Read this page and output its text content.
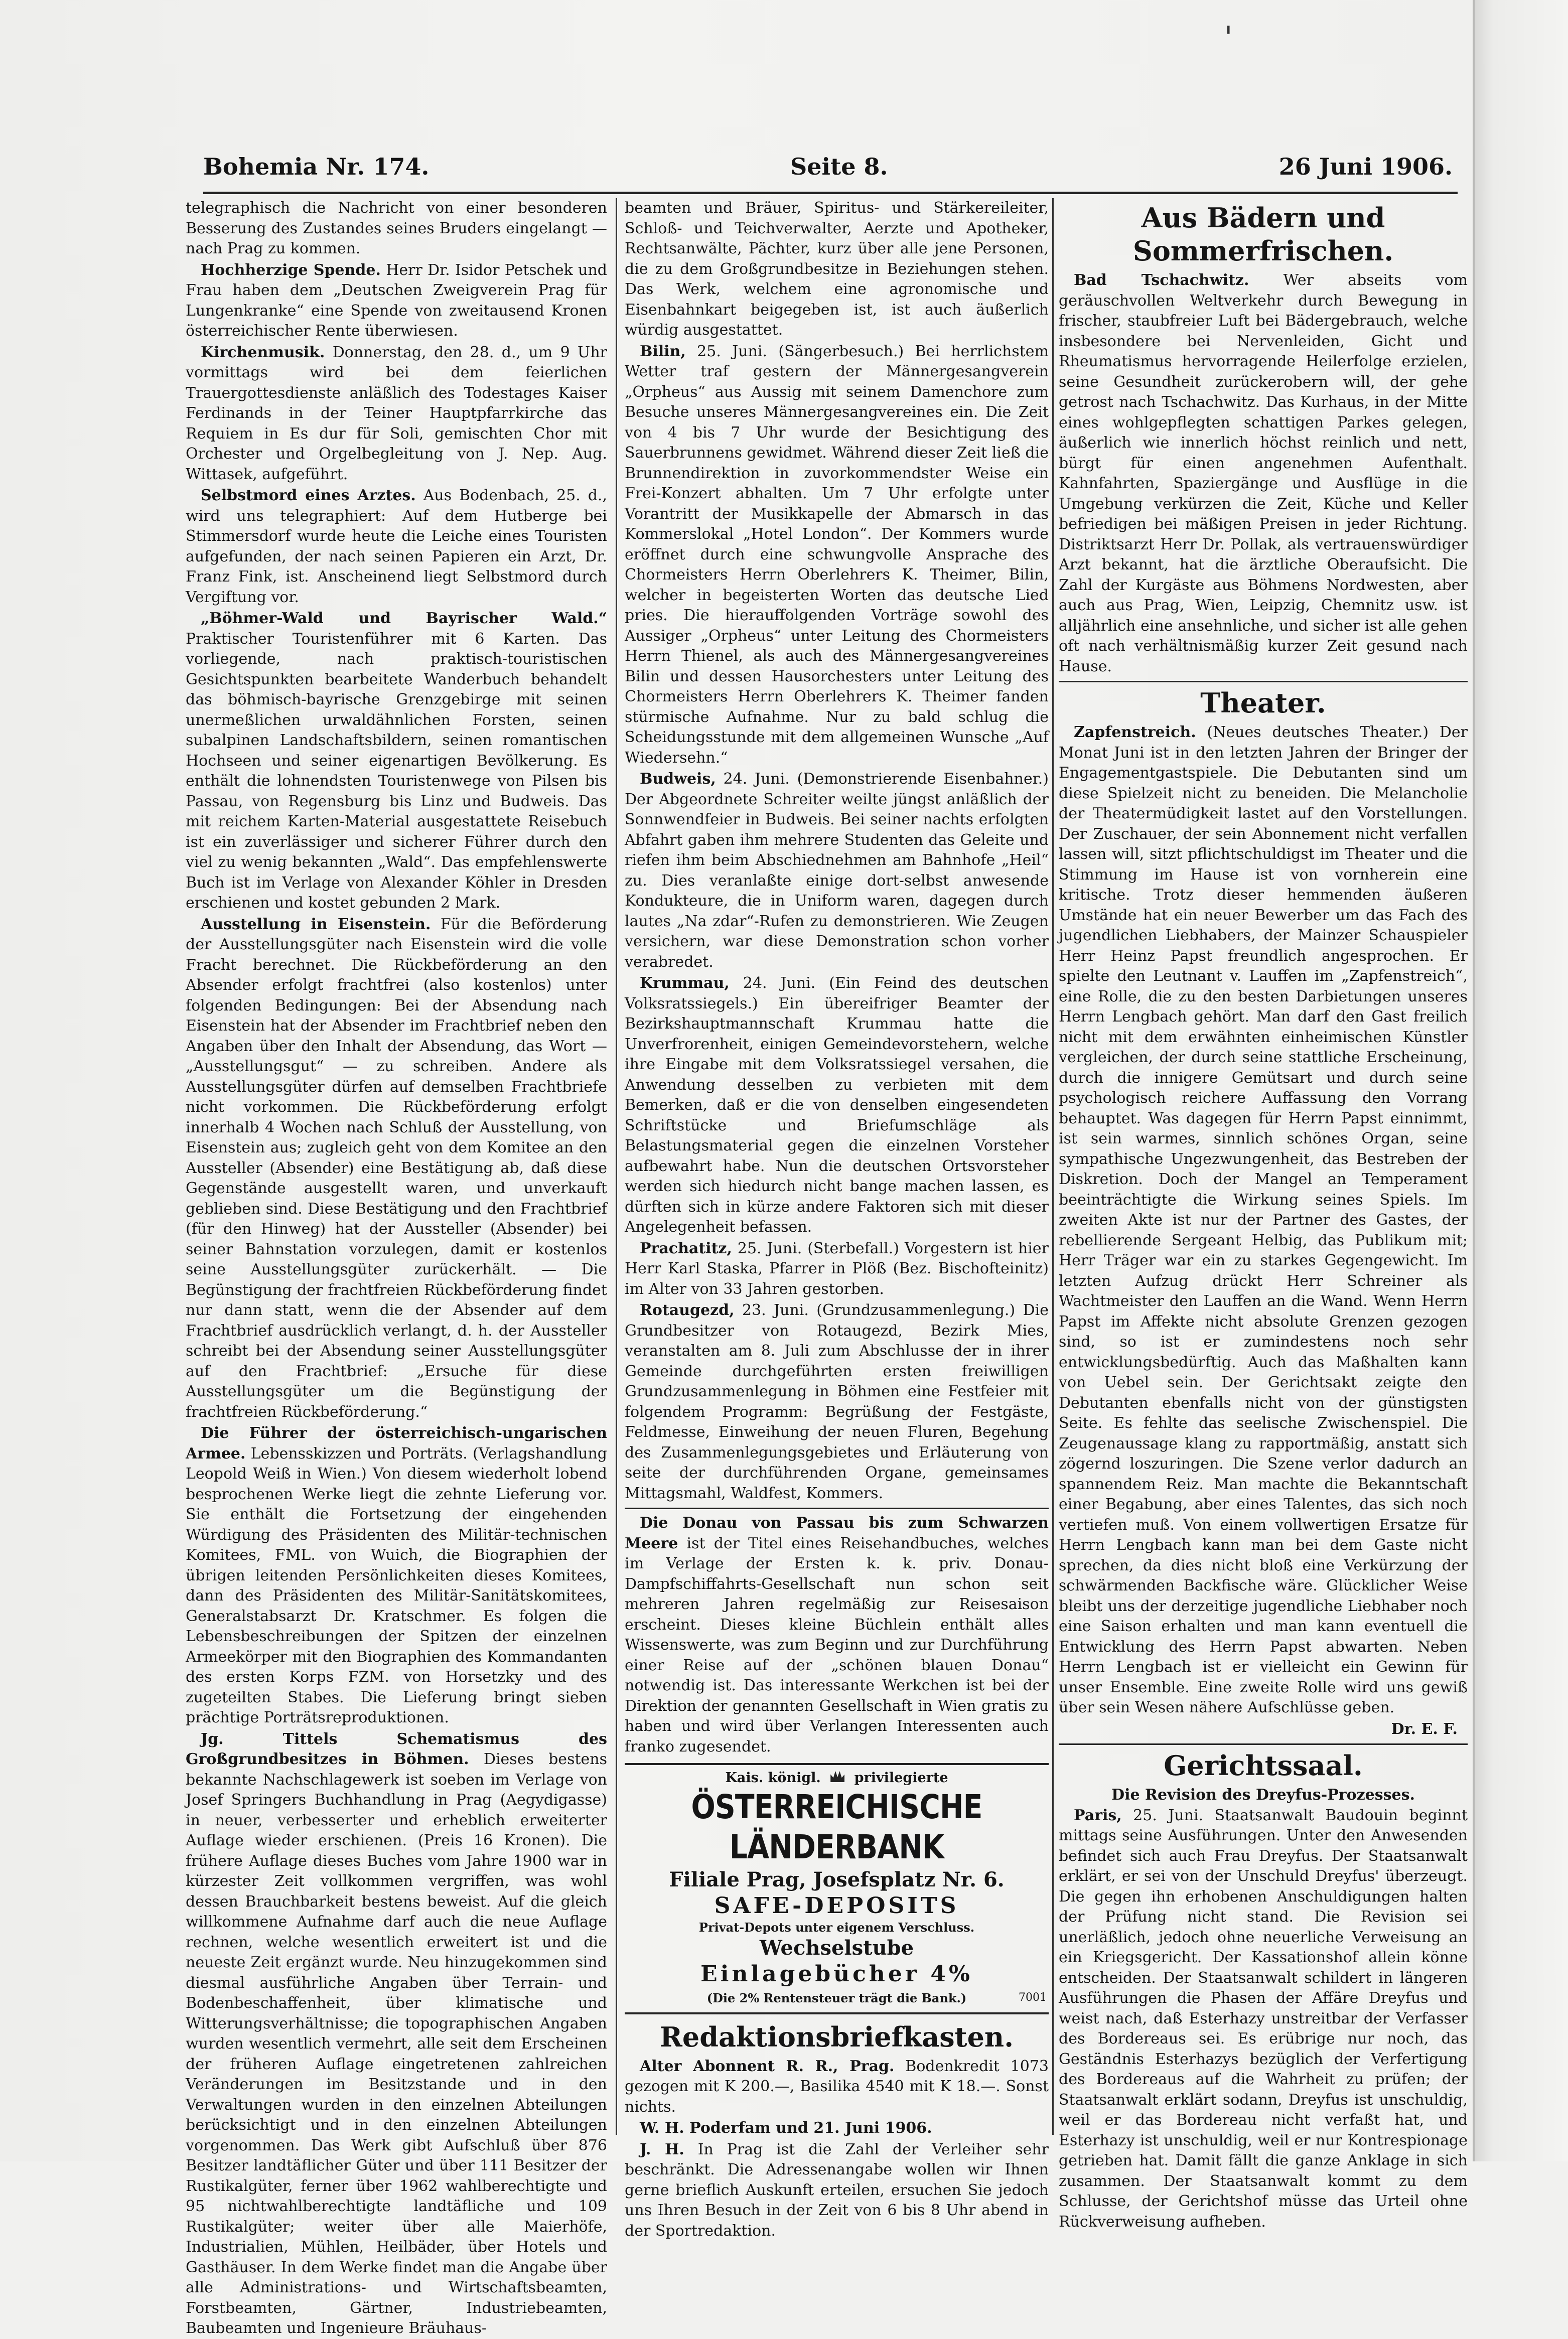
'
Bohemia Nr. 174.	Seite 8.	26 Juni 1906.

telegraphisch die Nachricht von einer besonderen Besserung des Zustandes seines Bruders eingelangt — nach Prag zu kommen.

Hochherzige Spende. Herr Dr. Isidor Petschek und Frau haben dem „Deutschen Zweigverein Prag für Lungenkranke“ eine Spende von zweitausend Kronen österreichischer Rente überwiesen.

Kirchenmusik. Donnerstag, den 28. d., um 9 Uhr vormittags wird bei dem feierlichen Trauergottesdienste anläßlich des Todestages Kaiser Ferdinands in der Teiner Hauptpfarrkirche das Requiem in Es dur für Soli, gemischten Chor mit Orchester und Orgelbegleitung von J. Nep. Aug. Wittasek, aufgeführt.

Selbstmord eines Arztes. Aus Bodenbach, 25. d., wird uns telegraphiert: Auf dem Hutberge bei Stimmersdorf wurde heute die Leiche eines Touristen aufgefunden, der nach seinen Papieren ein Arzt, Dr. Franz Fink, ist. Anscheinend liegt Selbstmord durch Vergiftung vor.

„Böhmer-Wald und Bayrischer Wald.“ Praktischer Touristenführer mit 6 Karten. Das vorliegende, nach praktisch-touristischen Gesichtspunkten bearbeitete Wanderbuch behandelt das böhmisch-bayrische Grenzgebirge mit seinen unermeßlichen urwaldähnlichen Forsten, seinen subalpinen Landschaftsbildern, seinen romantischen Hochseen und seiner eigenartigen Bevölkerung. Es enthält die lohnendsten Touristenwege von Pilsen bis Passau, von Regensburg bis Linz und Budweis. Das mit reichem Karten-Material ausgestattete Reisebuch ist ein zuverlässiger und sicherer Führer durch den viel zu wenig bekannten „Wald“. Das empfehlenswerte Buch ist im Verlage von Alexander Köhler in Dresden erschienen und kostet gebunden 2 Mark.

Ausstellung in Eisenstein. Für die Beförderung der Ausstellungsgüter nach Eisenstein wird die volle Fracht berechnet. Die Rückbeförderung an den Absender erfolgt frachtfrei (also kostenlos) unter folgenden Bedingungen: Bei der Absendung nach Eisenstein hat der Absender im Frachtbrief neben den Angaben über den Inhalt der Absendung, das Wort — „Ausstellungsgut“ — zu schreiben. Andere als Ausstellungsgüter dürfen auf demselben Frachtbriefe nicht vorkommen. Die Rückbeförderung erfolgt innerhalb 4 Wochen nach Schluß der Ausstellung, von Eisenstein aus; zugleich geht von dem Komitee an den Aussteller (Absender) eine Bestätigung ab, daß diese Gegenstände ausgestellt waren, und unverkauft geblieben sind. Diese Bestätigung und den Frachtbrief (für den Hinweg) hat der Aussteller (Absender) bei seiner Bahnstation vorzulegen, damit er kostenlos seine Ausstellungsgüter zurückerhält. — Die Begünstigung der frachtfreien Rückbeförderung findet nur dann statt, wenn die der Absender auf dem Frachtbrief ausdrücklich verlangt, d. h. der Aussteller schreibt bei der Absendung seiner Ausstellungsgüter auf den Frachtbrief: „Ersuche für diese Ausstellungsgüter um die Begünstigung der frachtfreien Rückbeförderung.“

Die Führer der österreichisch-ungarischen Armee. Lebensskizzen und Porträts. (Verlagshandlung Leopold Weiß in Wien.) Von diesem wiederholt lobend besprochenen Werke liegt die zehnte Lieferung vor. Sie enthält die Fortsetzung der eingehenden Würdigung des Präsidenten des Militär-technischen Komitees, FML. von Wuich, die Biographien der übrigen leitenden Persönlichkeiten dieses Komitees, dann des Präsidenten des Militär-Sanitätskomitees, Generalstabsarzt Dr. Kratschmer. Es folgen die Lebensbeschreibungen der Spitzen der einzelnen Armeekörper mit den Biographien des Kommandanten des ersten Korps FZM. von Horsetzky und des zugeteilten Stabes. Die Lieferung bringt sieben prächtige Porträtsreproduktionen.

Jg. Tittels Schematismus des Großgrundbesitzes in Böhmen. Dieses bestens bekannte Nachschlagewerk ist soeben im Verlage von Josef Springers Buchhandlung in Prag (Aegydigasse) in neuer, verbesserter und erheblich erweiterter Auflage wieder erschienen. (Preis 16 Kronen). Die frühere Auflage dieses Buches vom Jahre 1900 war in kürzester Zeit vollkommen vergriffen, was wohl dessen Brauchbarkeit bestens beweist. Auf die gleich willkommene Aufnahme darf auch die neue Auflage rechnen, welche wesentlich erweitert ist und die neueste Zeit ergänzt wurde. Neu hinzugekommen sind diesmal ausführliche Angaben über Terrain- und Bodenbeschaffenheit, über klimatische und Witterungsverhältnisse; die topographischen Angaben wurden wesentlich vermehrt, alle seit dem Erscheinen der früheren Auflage eingetretenen zahlreichen Veränderungen im Besitzstande und in den Verwaltungen wurden in den einzelnen Abteilungen berücksichtigt und in den einzelnen Abteilungen vorgenommen. Das Werk gibt Aufschluß über 876 Besitzer landtäflicher Güter und über 111 Besitzer der Rustikalgüter, ferner über 1962 wahlberechtigte und 95 nichtwahlberechtigte landtäfliche und 109 Rustikalgüter; weiter über alle Maierhöfe, Industrialien, Mühlen, Heilbäder, über Hotels und Gasthäuser. In dem Werke findet man die Angabe über alle Administrations- und Wirtschaftsbeamten, Forstbeamten, Gärtner, Industriebeamten, Baubeamten und Ingenieure Bräuhaus-

beamten und Bräuer, Spiritus- und Stärkereileiter, Schloß- und Teichverwalter, Aerzte und Apotheker, Rechtsanwälte, Pächter, kurz über alle jene Personen, die zu dem Großgrundbesitze in Beziehungen stehen. Das Werk, welchem eine agronomische und Eisenbahnkart beigegeben ist, ist auch äußerlich würdig ausgestattet.

Bilin, 25. Juni. (Sängerbesuch.) Bei herrlichstem Wetter traf gestern der Männergesangverein „Orpheus“ aus Aussig mit seinem Damenchore zum Besuche unseres Männergesangvereines ein. Die Zeit von 4 bis 7 Uhr wurde der Besichtigung des Sauerbrunnens gewidmet. Während dieser Zeit ließ die Brunnendirektion in zuvorkommendster Weise ein Frei-Konzert abhalten. Um 7 Uhr erfolgte unter Vorantritt der Musikkapelle der Abmarsch in das Kommerslokal „Hotel London“. Der Kommers wurde eröffnet durch eine schwungvolle Ansprache des Chormeisters Herrn Oberlehrers K. Theimer, Bilin, welcher in begeisterten Worten das deutsche Lied pries. Die hierauffolgenden Vorträge sowohl des Aussiger „Orpheus“ unter Leitung des Chormeisters Herrn Thienel, als auch des Männergesangvereines Bilin und dessen Hausorchesters unter Leitung des Chormeisters Herrn Oberlehrers K. Theimer fanden stürmische Aufnahme. Nur zu bald schlug die Scheidungsstunde mit dem allgemeinen Wunsche „Auf Wiedersehn.“

Budweis, 24. Juni. (Demonstrierende Eisenbahner.) Der Abgeordnete Schreiter weilte jüngst anläßlich der Sonnwendfeier in Budweis. Bei seiner nachts erfolgten Abfahrt gaben ihm mehrere Studenten das Geleite und riefen ihm beim Abschiednehmen am Bahnhofe „Heil“ zu. Dies veranlaßte einige dort-selbst anwesende Kondukteure, die in Uniform waren, dagegen durch lautes „Na zdar“-Rufen zu demonstrieren. Wie Zeugen versichern, war diese Demonstration schon vorher verabredet.

Krummau, 24. Juni. (Ein Feind des deutschen Volksratssiegels.) Ein übereifriger Beamter der Bezirkshauptmannschaft Krummau hatte die Unverfrorenheit, einigen Gemeindevorstehern, welche ihre Eingabe mit dem Volksratssiegel versahen, die Anwendung desselben zu verbieten mit dem Bemerken, daß er die von denselben eingesendeten Schriftstücke und Briefumschläge als Belastungsmaterial gegen die einzelnen Vorsteher aufbewahrt habe. Nun die deutschen Ortsvorsteher werden sich hiedurch nicht bange machen lassen, es dürften sich in kürze andere Faktoren sich mit dieser Angelegenheit befassen.

Prachatitz, 25. Juni. (Sterbefall.) Vorgestern ist hier Herr Karl Staska, Pfarrer in Plöß (Bez. Bischofteinitz) im Alter von 33 Jahren gestorben.

Rotaugezd, 23. Juni. (Grundzusammenlegung.) Die Grundbesitzer von Rotaugezd, Bezirk Mies, veranstalten am 8. Juli zum Abschlusse der in ihrer Gemeinde durchgeführten ersten freiwilligen Grundzusammenlegung in Böhmen eine Festfeier mit folgendem Programm: Begrüßung der Festgäste, Feldmesse, Einweihung der neuen Fluren, Begehung des Zusammenlegungsgebietes und Erläuterung von seite der durchführenden Organe, gemeinsames Mittagsmahl, Waldfest, Kommers.

Die Donau von Passau bis zum Schwarzen Meere ist der Titel eines Reisehandbuches, welches im Verlage der Ersten k. k. priv. Donau-Dampfschiffahrts-Gesellschaft nun schon seit mehreren Jahren regelmäßig zur Reisesaison erscheint. Dieses kleine Büchlein enthält alles Wissenswerte, was zum Beginn und zur Durchführung einer Reise auf der „schönen blauen Donau“ notwendig ist. Das interessante Werkchen ist bei der Direktion der genannten Gesellschaft in Wien gratis zu haben und wird über Verlangen Interessenten auch franko zugesendet.

Kais. königl. privilegierte
ÖSTERREICHISCHE LÄNDERBANK
Filiale Prag, Josefsplatz Nr. 6.
SAFE-DEPOSITS
Privat-Depots unter eigenem Verschluss.
Wechselstube
Einlagebücher 4%
(Die 2% Rentensteuer trägt die Bank.)	7001
Redaktionsbriefkasten.

Alter Abonnent R. R., Prag. Bodenkredit 1073 gezogen mit K 200.—, Basilika 4540 mit K 18.—. Sonst nichts.

W. H. Poderfam und 21. Juni 1906.

J. H. In Prag ist die Zahl der Verleiher sehr beschränkt. Die Adressenangabe wollen wir Ihnen gerne brieflich Auskunft erteilen, ersuchen Sie jedoch uns Ihren Besuch in der Zeit von 6 bis 8 Uhr abend in der Sportredaktion.

Aus Bädern und Sommerfrischen.

Bad Tschachwitz. Wer abseits vom geräuschvollen Weltverkehr durch Bewegung in frischer, staubfreier Luft bei Bädergebrauch, welche insbesondere bei Nervenleiden, Gicht und Rheumatismus hervorragende Heilerfolge erzielen, seine Gesundheit zurückerobern will, der gehe getrost nach Tschachwitz. Das Kurhaus, in der Mitte eines wohlgepflegten schattigen Parkes gelegen, äußerlich wie innerlich höchst reinlich und nett, bürgt für einen angenehmen Aufenthalt. Kahnfahrten, Spaziergänge und Ausflüge in die Umgebung verkürzen die Zeit, Küche und Keller befriedigen bei mäßigen Preisen in jeder Richtung. Distriktsarzt Herr Dr. Pollak, als vertrauenswürdiger Arzt bekannt, hat die ärztliche Oberaufsicht. Die Zahl der Kurgäste aus Böhmens Nordwesten, aber auch aus Prag, Wien, Leipzig, Chemnitz usw. ist alljährlich eine ansehnliche, und sicher ist alle gehen oft nach verhältnismäßig kurzer Zeit gesund nach Hause.

Theater.

Zapfenstreich. (Neues deutsches Theater.) Der Monat Juni ist in den letzten Jahren der Bringer der Engagementgastspiele. Die Debutanten sind um diese Spielzeit nicht zu beneiden. Die Melancholie der Theatermüdigkeit lastet auf den Vorstellungen. Der Zuschauer, der sein Abonnement nicht verfallen lassen will, sitzt pflichtschuldigst im Theater und die Stimmung im Hause ist von vornherein eine kritische. Trotz dieser hemmenden äußeren Umstände hat ein neuer Bewerber um das Fach des jugendlichen Liebhabers, der Mainzer Schauspieler Herr Heinz Papst freundlich angesprochen. Er spielte den Leutnant v. Lauffen im „Zapfenstreich“, eine Rolle, die zu den besten Darbietungen unseres Herrn Lengbach gehört. Man darf den Gast freilich nicht mit dem erwähnten einheimischen Künstler vergleichen, der durch seine stattliche Erscheinung, durch die innigere Gemütsart und durch seine psychologisch reichere Auffassung den Vorrang behauptet. Was dagegen für Herrn Papst einnimmt, ist sein warmes, sinnlich schönes Organ, seine sympathische Ungezwungenheit, das Bestreben der Diskretion. Doch der Mangel an Temperament beeinträchtigte die Wirkung seines Spiels. Im zweiten Akte ist nur der Partner des Gastes, der rebellierende Sergeant Helbig, das Publikum mit; Herr Träger war ein zu starkes Gegengewicht. Im letzten Aufzug drückt Herr Schreiner als Wachtmeister den Lauffen an die Wand. Wenn Herrn Papst im Affekte nicht absolute Grenzen gezogen sind, so ist er zumindestens noch sehr entwicklungsbedürftig. Auch das Maßhalten kann von Uebel sein. Der Gerichtsakt zeigte den Debutanten ebenfalls nicht von der günstigsten Seite. Es fehlte das seelische Zwischenspiel. Die Zeugenaussage klang zu rapportmäßig, anstatt sich zögernd loszuringen. Die Szene verlor dadurch an spannendem Reiz. Man machte die Bekanntschaft einer Begabung, aber eines Talentes, das sich noch vertiefen muß. Von einem vollwertigen Ersatze für Herrn Lengbach kann man bei dem Gaste nicht sprechen, da dies nicht bloß eine Verkürzung der schwärmenden Backfische wäre. Glücklicher Weise bleibt uns der derzeitige jugendliche Liebhaber noch eine Saison erhalten und man kann eventuell die Entwicklung des Herrn Papst abwarten. Neben Herrn Lengbach ist er vielleicht ein Gewinn für unser Ensemble. Eine zweite Rolle wird uns gewiß über sein Wesen nähere Aufschlüsse geben.

Dr. E. F.
Gerichtssaal.
Die Revision des Dreyfus-Prozesses.

Paris, 25. Juni. Staatsanwalt Baudouin beginnt mittags seine Ausführungen. Unter den Anwesenden befindet sich auch Frau Dreyfus. Der Staatsanwalt erklärt, er sei von der Unschuld Dreyfus' überzeugt. Die gegen ihn erhobenen Anschuldigungen halten der Prüfung nicht stand. Die Revision sei unerläßlich, jedoch ohne neuerliche Verweisung an ein Kriegsgericht. Der Kassationshof allein könne entscheiden. Der Staatsanwalt schildert in längeren Ausführungen die Phasen der Affäre Dreyfus und weist nach, daß Esterhazy unstreitbar der Verfasser des Bordereaus sei. Es erübrige nur noch, das Geständnis Esterhazys bezüglich der Verfertigung des Bordereaus auf die Wahrheit zu prüfen; der Staatsanwalt erklärt sodann, Dreyfus ist unschuldig, weil er das Bordereau nicht verfaßt hat, und Esterhazy ist unschuldig, weil er nur Kontrespionage getrieben hat. Damit fällt die ganze Anklage in sich zusammen. Der Staatsanwalt kommt zu dem Schlusse, der Gerichtshof müsse das Urteil ohne Rückverweisung aufheben.
